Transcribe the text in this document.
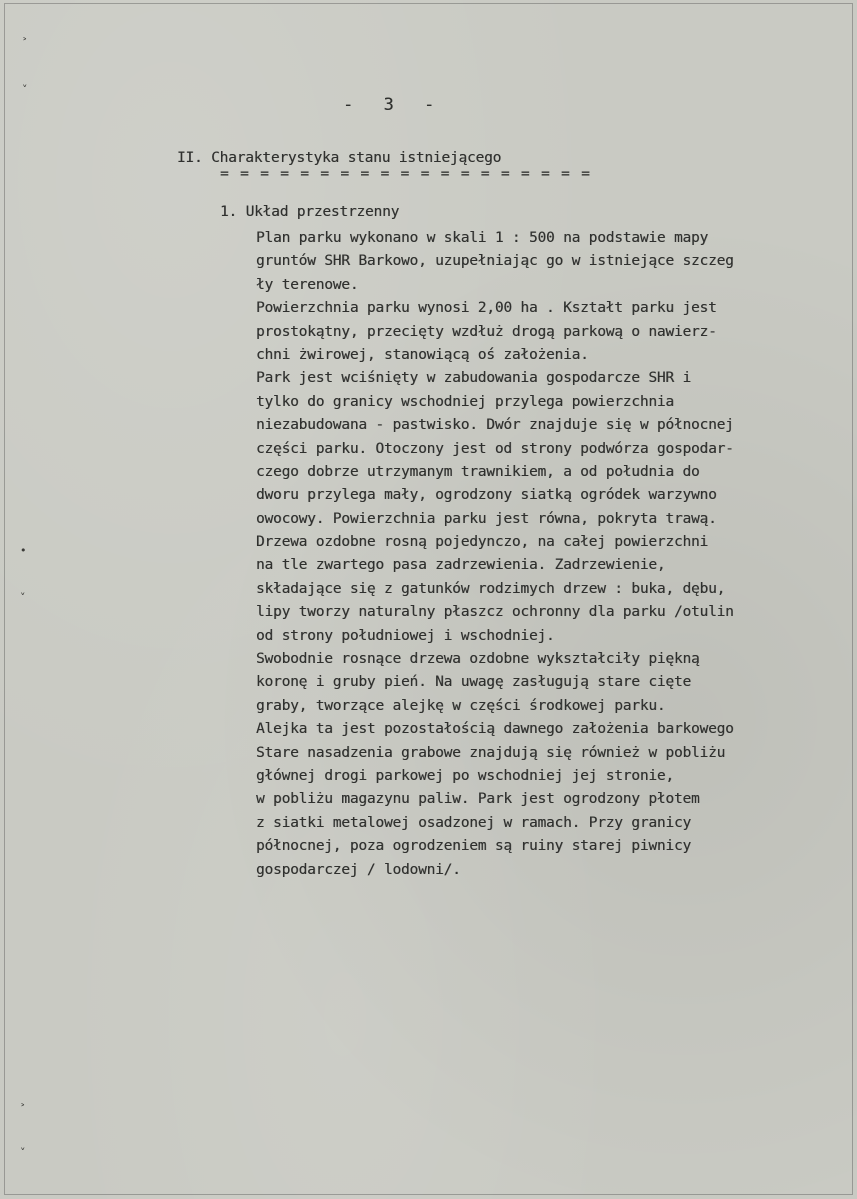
˃
˅
•
˅
˃
˅
- 3 -
II. Charakterystyka stanu istniejącego
= = = = = = = = = = = = = = = = = = =
1. Układ przestrzenny
Plan parku wykonano w skali 1 : 500 na podstawie mapy
gruntów SHR Barkowo, uzupełniając go w istniejące szczeg
ły terenowe.
Powierzchnia parku wynosi 2,00 ha . Kształt parku jest
prostokątny, przecięty wzdłuż drogą parkową o nawierz-
chni żwirowej, stanowiącą oś założenia.
Park jest wciśnięty w zabudowania gospodarcze SHR i
tylko do granicy wschodniej przylega powierzchnia
niezabudowana - pastwisko. Dwór znajduje się w północnej
części parku. Otoczony jest od strony podwórza gospodar-
czego dobrze utrzymanym trawnikiem, a od południa do
dworu przylega mały, ogrodzony siatką ogródek warzywno
owocowy. Powierzchnia parku jest równa, pokryta trawą.
Drzewa ozdobne rosną pojedynczo, na całej powierzchni
na tle zwartego pasa zadrzewienia. Zadrzewienie,
składające się z gatunków rodzimych drzew : buka, dębu,
lipy tworzy naturalny płaszcz ochronny dla parku /otulin
od strony południowej i wschodniej.
Swobodnie rosnące drzewa ozdobne wykształciły piękną
koronę i gruby pień. Na uwagę zasługują stare cięte
graby, tworzące alejkę w części środkowej parku.
Alejka ta jest pozostałością dawnego założenia barkowego
Stare nasadzenia grabowe znajdują się również w pobliżu
głównej drogi parkowej po wschodniej jej stronie,
w pobliżu magazynu paliw. Park jest ogrodzony płotem
z siatki metalowej osadzonej w ramach. Przy granicy
północnej, poza ogrodzeniem są ruiny starej piwnicy
gospodarczej / lodowni/.
